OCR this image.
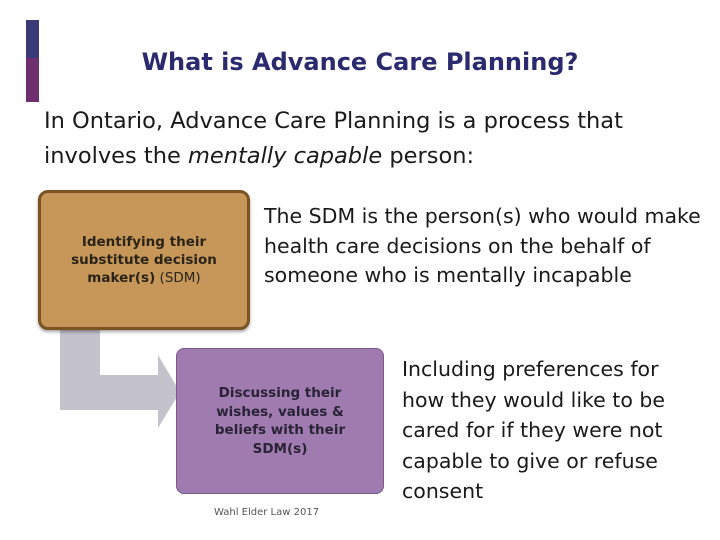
What is Advance Care Planning?
In Ontario, Advance Care Planning is a process that involves the mentally capable person:
Identifying their substitute decision maker(s) (SDM)
The SDM is the person(s) who would make health care decisions on the behalf of someone who is mentally incapable
Discussing their wishes, values & beliefs with their SDM(s)
Including preferences for how they would like to be cared for if they were not capable to give or refuse consent
Wahl Elder Law 2017
